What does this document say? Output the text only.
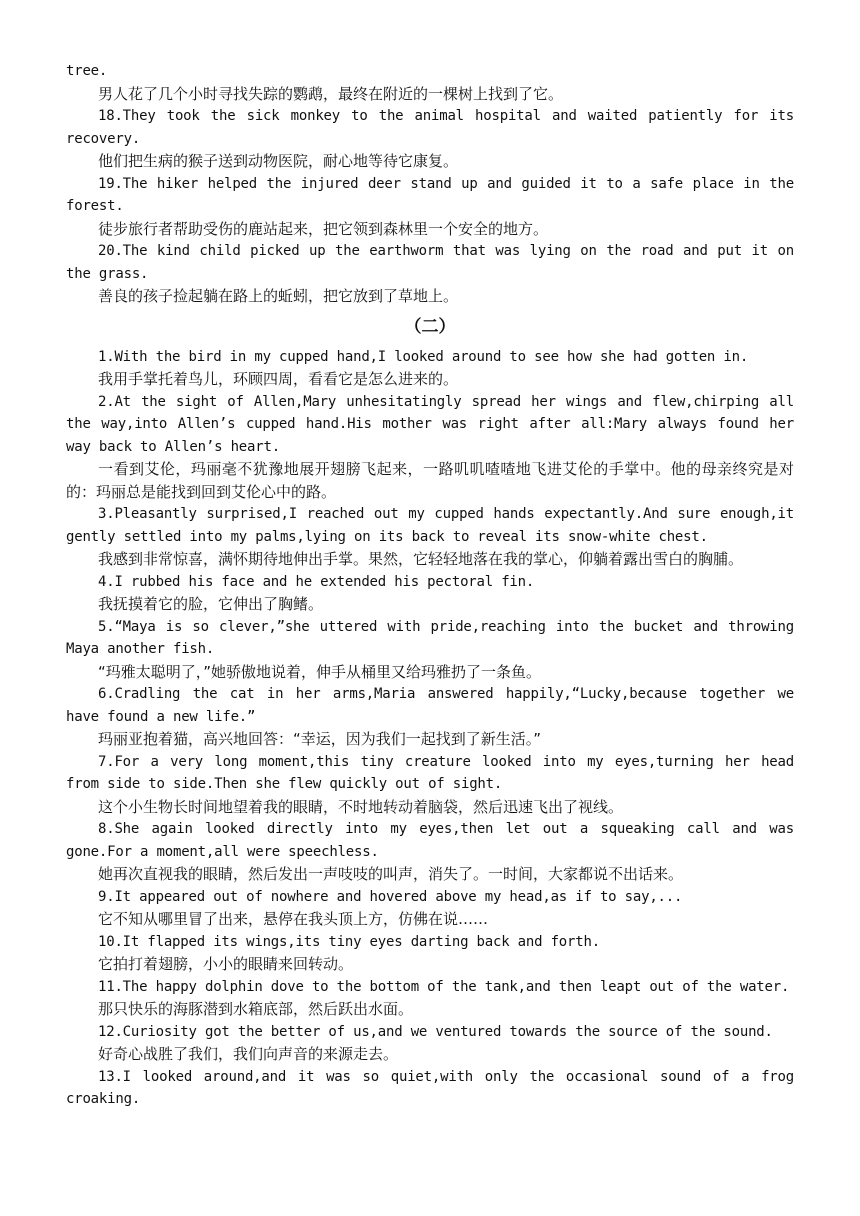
tree.

男人花了几个小时寻找失踪的鹦鹉，最终在附近的一棵树上找到了它。

18.They took the sick monkey to the animal hospital and waited patiently for its recovery.

他们把生病的猴子送到动物医院，耐心地等待它康复。

19.The hiker helped the injured deer stand up and guided it to a safe place in the forest.

徒步旅行者帮助受伤的鹿站起来，把它领到森林里一个安全的地方。

20.The kind child picked up the earthworm that was lying on the road and put it on the grass.

善良的孩子捡起躺在路上的蚯蚓，把它放到了草地上。

（二）

1.With the bird in my cupped hand,I looked around to see how she had gotten in.

我用手掌托着鸟儿，环顾四周，看看它是怎么进来的。

2.At the sight of Allen,Mary unhesitatingly spread her wings and flew,chirping all the way,into Allen’s cupped hand.His mother was right after all:Mary always found her way back to Allen’s heart.

一看到艾伦，玛丽毫不犹豫地展开翅膀飞起来，一路叽叽喳喳地飞进艾伦的手掌中。他的母亲终究是对的：玛丽总是能找到回到艾伦心中的路。

3.Pleasantly surprised,I reached out my cupped hands expectantly.And sure enough,it gently settled into my palms,lying on its back to reveal its snow-white chest.

我感到非常惊喜，满怀期待地伸出手掌。果然，它轻轻地落在我的掌心，仰躺着露出雪白的胸脯。

4.I rubbed his face and he extended his pectoral fin.

我抚摸着它的脸，它伸出了胸鳍。

5.“Maya is so clever,”she uttered with pride,reaching into the bucket and throwing Maya another fish.

“玛雅太聪明了，”她骄傲地说着，伸手从桶里又给玛雅扔了一条鱼。

6.Cradling the cat in her arms,Maria answered happily,“Lucky,because together we have found a new life.”

玛丽亚抱着猫，高兴地回答：“幸运，因为我们一起找到了新生活。”

7.For a very long moment,this tiny creature looked into my eyes,turning her head from side to side.Then she flew quickly out of sight.

这个小生物长时间地望着我的眼睛，不时地转动着脑袋，然后迅速飞出了视线。

8.She again looked directly into my eyes,then let out a squeaking call and was gone.For a moment,all were speechless.

她再次直视我的眼睛，然后发出一声吱吱的叫声，消失了。一时间，大家都说不出话来。

9.It appeared out of nowhere and hovered above my head,as if to say,...

它不知从哪里冒了出来，悬停在我头顶上方，仿佛在说……

10.It flapped its wings,its tiny eyes darting back and forth.

它拍打着翅膀，小小的眼睛来回转动。

11.The happy dolphin dove to the bottom of the tank,and then leapt out of the water.

那只快乐的海豚潜到水箱底部，然后跃出水面。

12.Curiosity got the better of us,and we ventured towards the source of the sound.

好奇心战胜了我们，我们向声音的来源走去。

13.I looked around,and it was so quiet,with only the occasional sound of a frog croaking.
